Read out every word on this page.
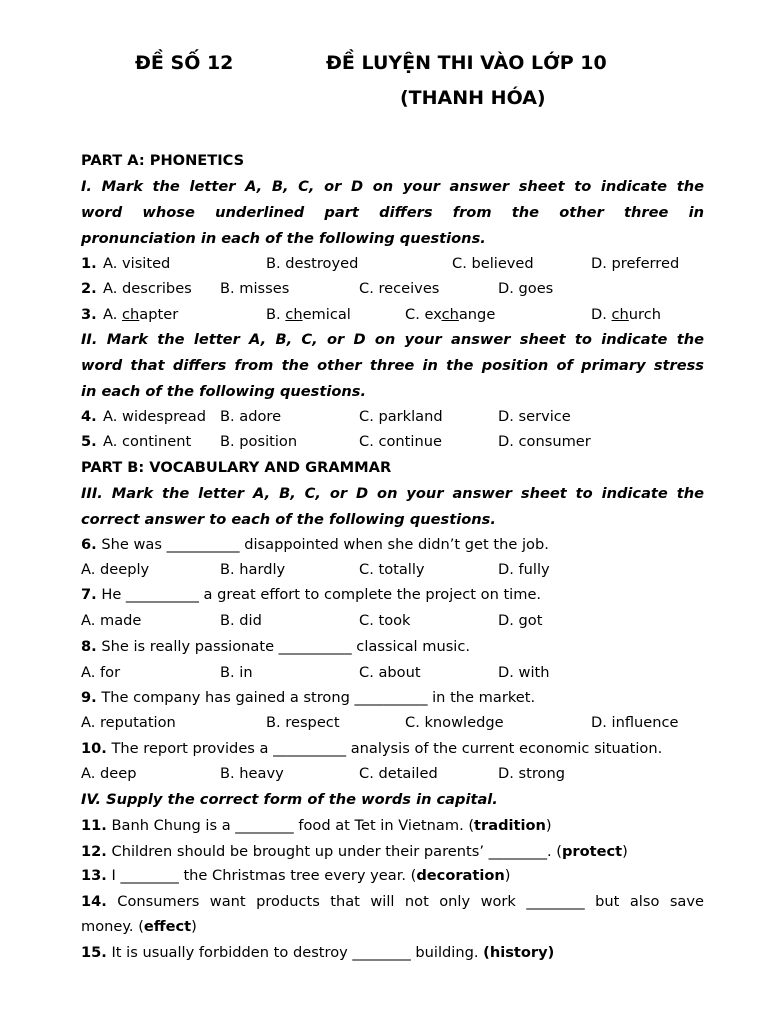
ĐỀ SỐ 12	ĐỀ LUYỆN THI VÀO LỚP 10
(THANH HÓA)
PART A: PHONETICS
I. Mark the letter A, B, C, or D on your answer sheet to indicate the
word whose underlined part differs from the other three in
pronunciation in each of the following questions.
1. A. visited	B. destroyed	C. believed	D. preferred
2. A. describes B. misses	C. receives	D. goes
3. A. chapter	B. chemical	C. exchange	D. church
II. Mark the letter A, B, C, or D on your answer sheet to indicate the
word that differs from the other three in the position of primary stress
in each of the following questions.
4. A. widespread B. adore	C. parkland	D. service
5. A. continent B. position	C. continue	D. consumer
PART B: VOCABULARY AND GRAMMAR
III. Mark the letter A, B, C, or D on your answer sheet to indicate the
correct answer to each of the following questions.
6. She was __________ disappointed when she didn’t get the job.
A. deeply	B. hardly	C. totally	D. fully
7. He __________ a great effort to complete the project on time.
A. made	B. did	C. took	D. got
8. She is really passionate __________ classical music.
A. for	B. in	C. about	D. with
9. The company has gained a strong __________ in the market.
A. reputation	B. respect	C. knowledge	D. influence
10. The report provides a __________ analysis of the current economic situation.
A. deep	B. heavy	C. detailed	D. strong
IV. Supply the correct form of the words in capital.
11. Banh Chung is a ________ food at Tet in Vietnam. (tradition)
12. Children should be brought up under their parents’ ________. (protect)
13. I ________ the Christmas tree every year. (decoration)
14. Consumers want products that will not only work ________ but also save
money. (effect)
15. It is usually forbidden to destroy ________ building. (history)
